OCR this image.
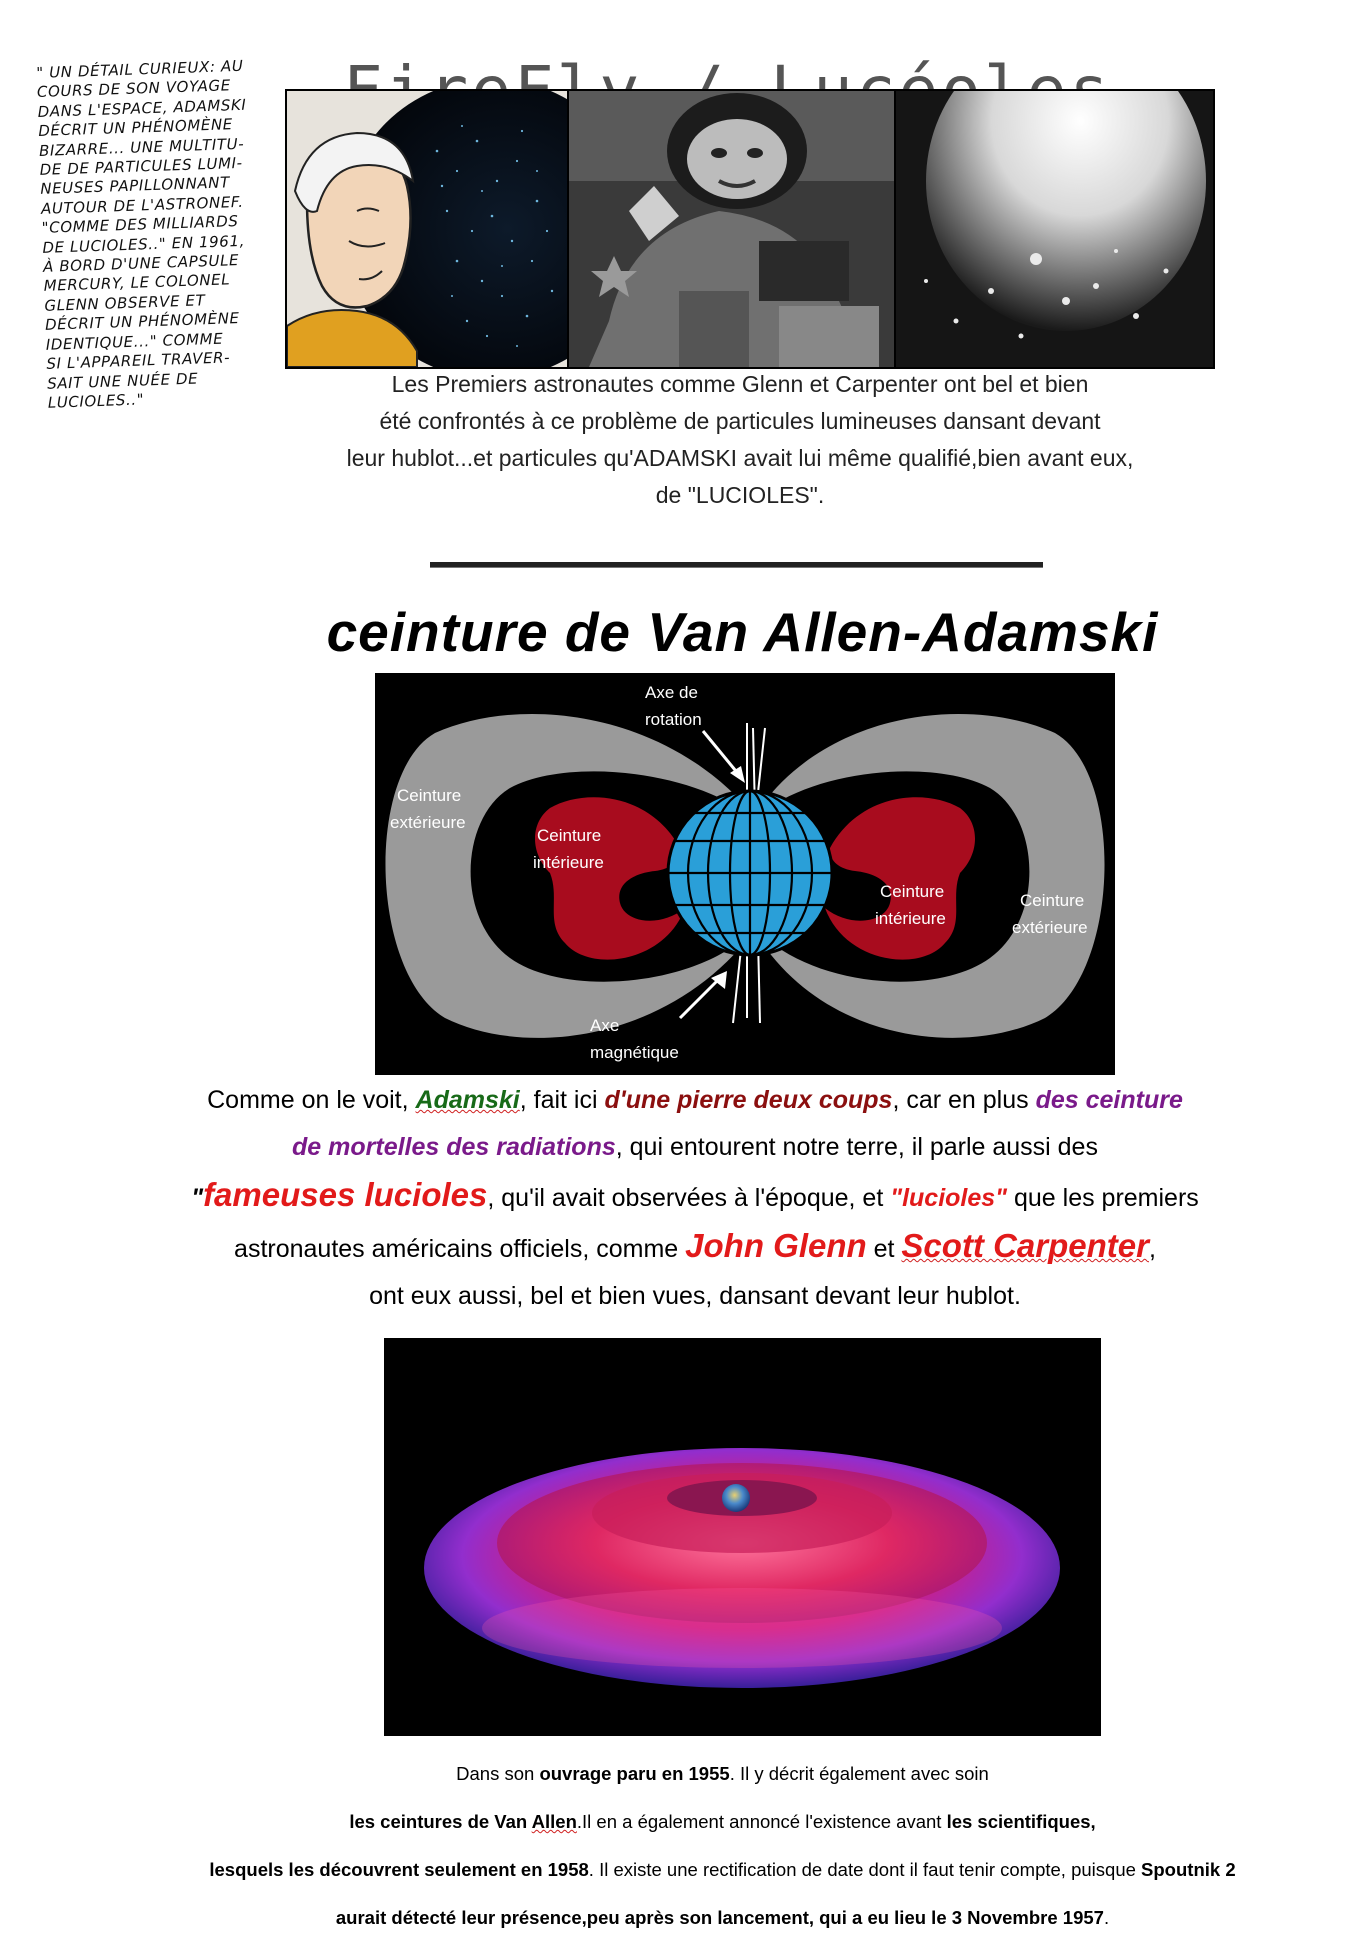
" UN DÉTAIL CURIEUX: AU
COURS DE SON VOYAGE
DANS L'ESPACE, ADAMSKI
DÉCRIT UN PHÉNOMÈNE
BIZARRE... UNE MULTITU-
DE DE PARTICULES LUMI-
NEUSES PAPILLONNANT
AUTOUR DE L'ASTRONEF.
"COMME DES MILLIARDS
DE LUCIOLES.." EN 1961,
À BORD D'UNE CAPSULE
MERCURY, LE COLONEL
GLENN OBSERVE ET
DÉCRIT UN PHÉNOMÈNE
IDENTIQUE..." COMME
SI L'APPAREIL TRAVER-
SAIT UNE NUÉE DE
LUCIOLES.."
Les Premiers astronautes comme Glenn et Carpenter ont bel et bien
été confrontés à ce problème de particules lumineuses dansant devant
leur hublot...et particules qu'ADAMSKI avait lui même qualifié,bien avant eux,
de "LUCIOLES".
ceinture de Van Allen-Adamski
Axe de
rotation
Ceinture
extérieure
Ceinture
intérieure
Ceinture
intérieure
Ceinture
extérieure
Axe
magnétique

Comme on le voit, Adamski, fait ici d'une pierre deux coups, car en plus des ceinture

de mortelles des radiations, qui entourent notre terre, il parle aussi des

"fameuses lucioles, qu'il avait observées à l'époque, et "lucioles" que les premiers

astronautes américains officiels, comme John Glenn et Scott Carpenter,

ont eux aussi, bel et bien vues, dansant devant leur hublot.

Dans son ouvrage paru en 1955. Il y décrit également avec soin

les ceintures de Van Allen.Il en a également annoncé l'existence avant les scientifiques,

lesquels les découvrent seulement en 1958. Il existe une rectification de date dont il faut tenir compte, puisque Spoutnik 2

aurait détecté leur présence,peu après son lancement, qui a eu lieu le 3 Novembre 1957.
